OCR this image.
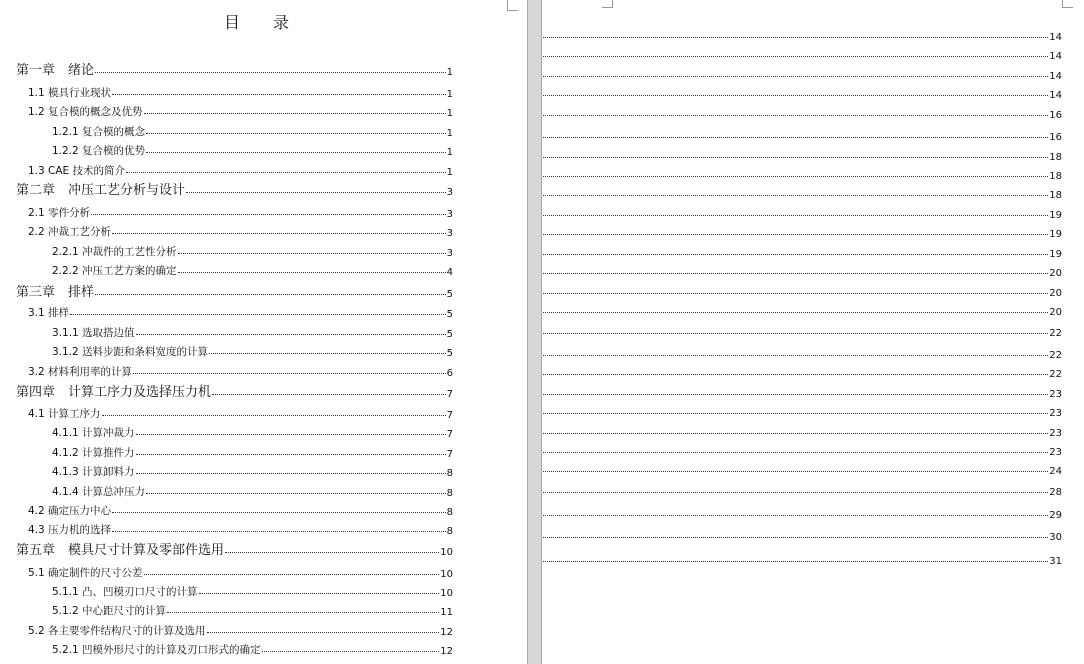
目 录
第一章　绪论	1
1.1 模具行业现状	1
1.2 复合模的概念及优势	1
1.2.1 复合模的概念	1
1.2.2 复合模的优势	1
1.3 CAE 技术的简介	1
第二章　冲压工艺分析与设计	3
2.1 零件分析	3
2.2 冲裁工艺分析	3
2.2.1 冲裁件的工艺性分析	3
2.2.2 冲压工艺方案的确定	4
第三章　排样	5
3.1 排样	5
3.1.1 选取搭边值	5
3.1.2 送料步距和条料宽度的计算	5
3.2 材料利用率的计算	6
第四章　计算工序力及选择压力机	7
4.1 计算工序力	7
4.1.1 计算冲裁力	7
4.1.2 计算推件力	7
4.1.3 计算卸料力	8
4.1.4 计算总冲压力	8
4.2 确定压力中心	8
4.3 压力机的选择	8
第五章　模具尺寸计算及零部件选用	10
5.1 确定制件的尺寸公差	10
5.1.1 凸、凹模刃口尺寸的计算	10
5.1.2 中心距尺寸的计算	11
5.2 各主要零件结构尺寸的计算及选用	12
5.2.1 凹模外形尺寸的计算及刃口形式的确定	12
14
14
14
14
16
16
18
18
18
19
19
19
20
20
20
22
22
22
23
23
23
23
24
28
29
30
31
